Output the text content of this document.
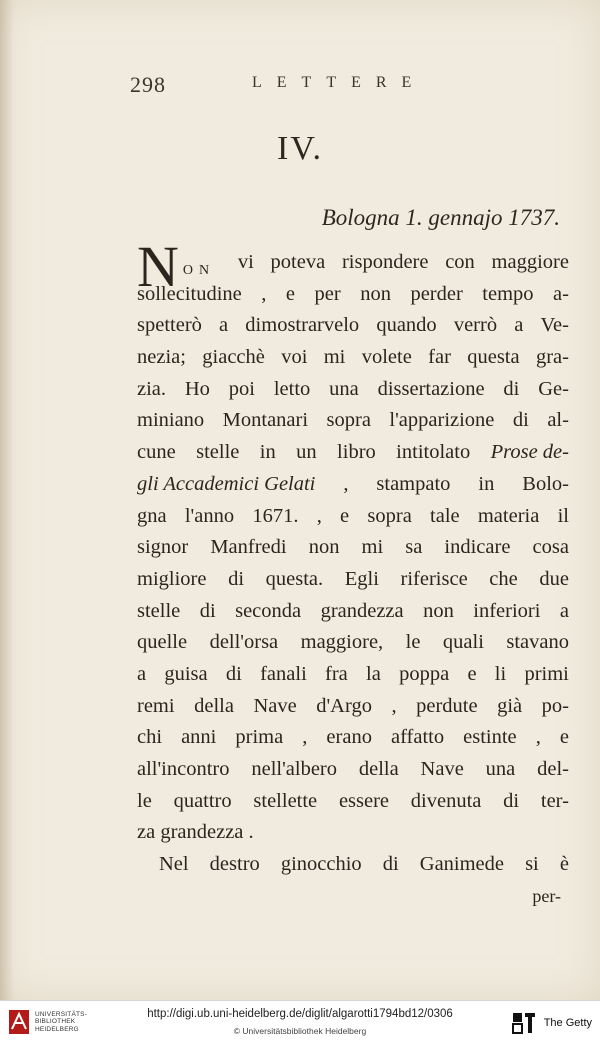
298	LETTERE
IV.
Bologna 1. gennajo 1737.
N ON vi poteva rispondere con maggiore
sollecitudine , e per non perder tempo a-
spetterò a dimostrarvelo quando verrò a Ve-
nezia; giacchè voi mi volete far questa gra-
zia. Ho poi letto una dissertazione di Ge-
miniano Montanari sopra l'apparizione di al-
cune stelle in un libro intitolato Prose de-
gli Accademici Gelati , stampato in Bolo-
gna l'anno 1671. , e sopra tale materia il
signor Manfredi non mi sa indicare cosa
migliore di questa. Egli riferisce che due
stelle di seconda grandezza non inferiori a
quelle dell'orsa maggiore, le quali stavano
a guisa di fanali fra la poppa e li primi
remi della Nave d'Argo , perdute già po-
chi anni prima , erano affatto estinte , e
all'incontro nell'albero della Nave una del-
le quattro stellette essere divenuta di ter-
za grandezza .
Nel destro ginocchio di Ganimede si è
per-
UNIVERSITÄTS-
BIBLIOTHEK
HEIDELBERG
http://digi.ub.uni-heidelberg.de/diglit/algarotti1794bd12/0306
© Universitätsbibliothek Heidelberg
The Getty
